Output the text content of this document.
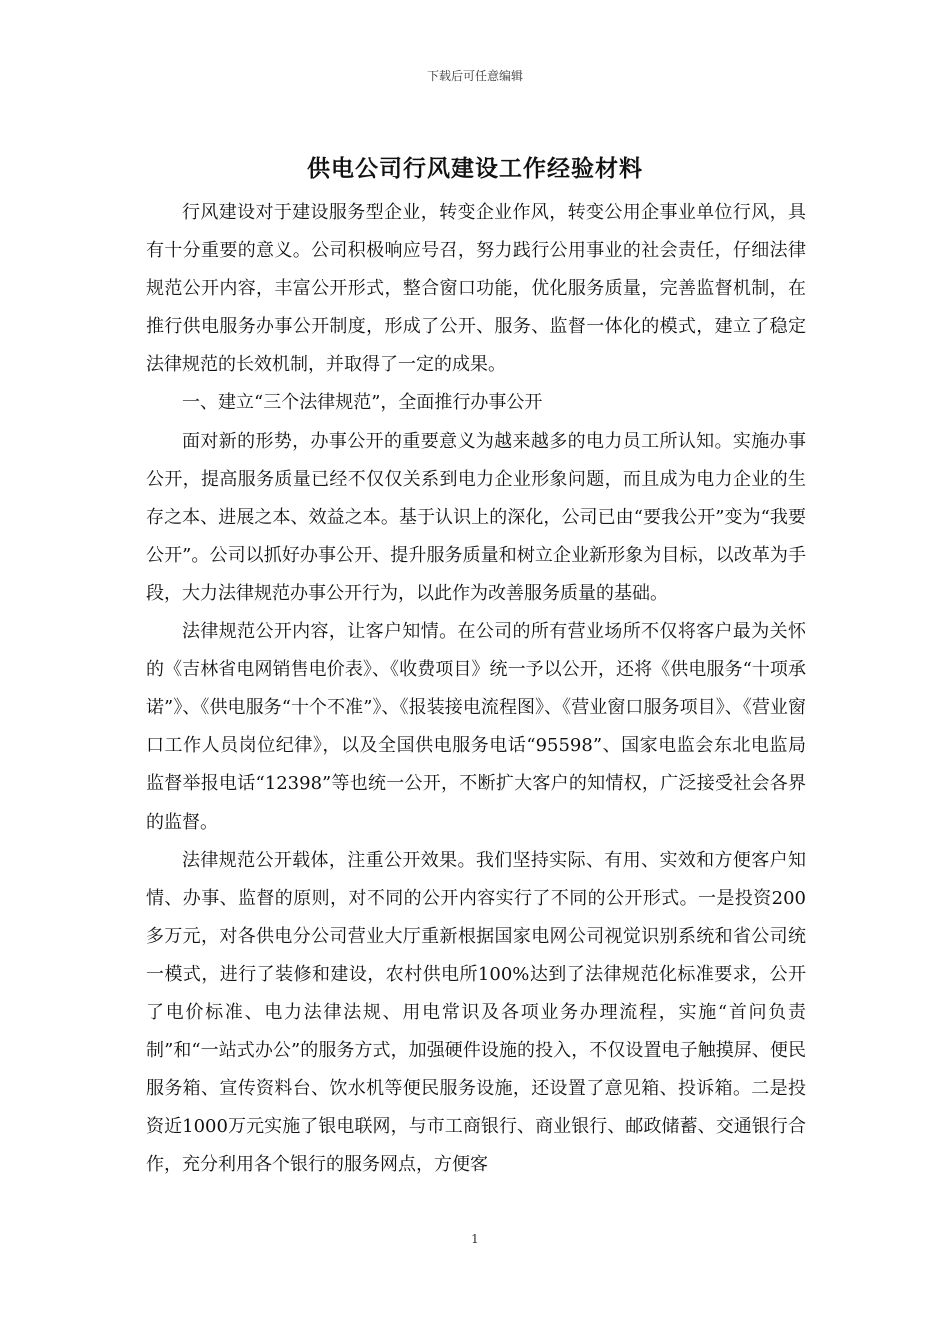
下载后可任意编辑
供电公司行风建设工作经验材料

行风建设对于建设服务型企业，转变企业作风，转变公用企事业单位行风，具有十分重要的意义。公司积极响应号召，努力践行公用事业的社会责任，仔细法律规范公开内容，丰富公开形式，整合窗口功能，优化服务质量，完善监督机制，在推行供电服务办事公开制度，形成了公开、服务、监督一体化的模式，建立了稳定法律规范的长效机制，并取得了一定的成果。

一、建立“三个法律规范”，全面推行办事公开

面对新的形势，办事公开的重要意义为越来越多的电力员工所认知。实施办事公开，提高服务质量已经不仅仅关系到电力企业形象问题，而且成为电力企业的生存之本、进展之本、效益之本。基于认识上的深化，公司已由“要我公开”变为“我要公开”。公司以抓好办事公开、提升服务质量和树立企业新形象为目标，以改革为手段，大力法律规范办事公开行为，以此作为改善服务质量的基础。

法律规范公开内容，让客户知情。在公司的所有营业场所不仅将客户最为关怀的《吉林省电网销售电价表》、《收费项目》统一予以公开，还将《供电服务“十项承诺”》、《供电服务“十个不准”》、《报装接电流程图》、《营业窗口服务项目》、《营业窗口工作人员岗位纪律》，以及全国供电服务电话“95598”、国家电监会东北电监局监督举报电话“12398”等也统一公开，不断扩大客户的知情权，广泛接受社会各界的监督。

法律规范公开载体，注重公开效果。我们坚持实际、有用、实效和方便客户知情、办事、监督的原则，对不同的公开内容实行了不同的公开形式。一是投资200多万元，对各供电分公司营业大厅重新根据国家电网公司视觉识别系统和省公司统一模式，进行了装修和建设，农村供电所100%达到了法律规范化标准要求，公开了电价标准、电力法律法规、用电常识及各项业务办理流程，实施“首问负责制”和“一站式办公”的服务方式，加强硬件设施的投入，不仅设置电子触摸屏、便民服务箱、宣传资料台、饮水机等便民服务设施，还设置了意见箱、投诉箱。二是投资近1000万元实施了银电联网，与市工商银行、商业银行、邮政储蓄、交通银行合作，充分利用各个银行的服务网点，方便客

1
